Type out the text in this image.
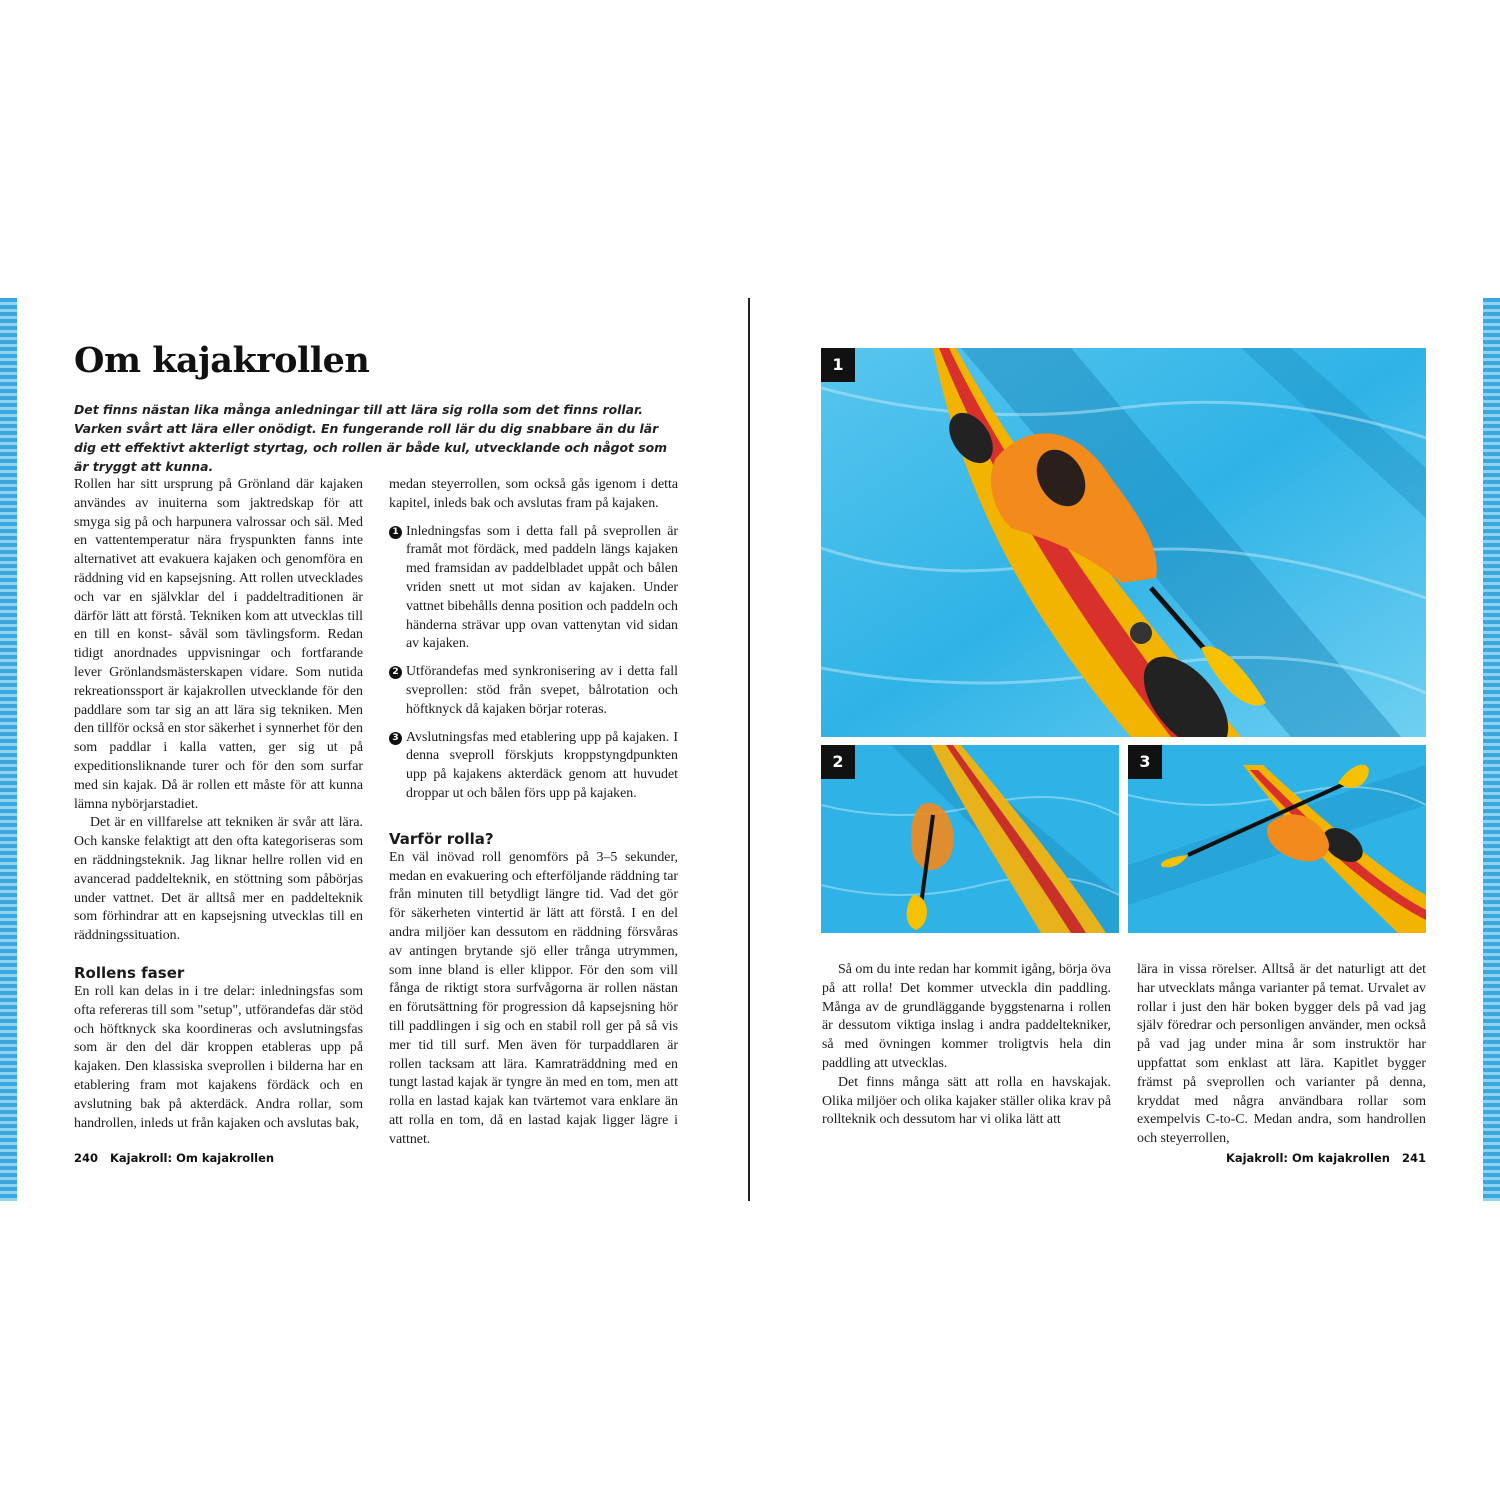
Om kajakrollen

Det finns nästan lika många anledningar till att lära sig rolla som det finns rollar. Varken svårt att lära eller onödigt. En fungerande roll lär du dig snabbare än du lär dig ett effektivt akterligt styrtag, och rollen är både kul, utvecklande och något som är tryggt att kunna.

Rollen har sitt ursprung på Grönland där kajaken användes av inuiterna som jaktredskap för att smyga sig på och harpunera valrossar och säl. Med en vattentemperatur nära fryspunkten fanns inte alternativet att evakuera kajaken och genomföra en räddning vid en kapsejsning. Att rollen utvecklades och var en självklar del i paddeltraditionen är därför lätt att förstå. Tekniken kom att utvecklas till en till en konst- såväl som tävlingsform. Redan tidigt anordnades uppvisningar och fortfarande lever Grönlandsmästerskapen vidare. Som nutida rekreationssport är kajakrollen utvecklande för den paddlare som tar sig an att lära sig tekniken. Men den tillför också en stor säkerhet i synnerhet för den som paddlar i kalla vatten, ger sig ut på expeditionsliknande turer och för den som surfar med sin kajak. Då är rollen ett måste för att kunna lämna nybörjarstadiet.

Det är en villfarelse att tekniken är svår att lära. Och kanske felaktigt att den ofta kategoriseras som en räddningsteknik. Jag liknar hellre rollen vid en avancerad paddelteknik, en stöttning som påbörjas under vattnet. Det är alltså mer en paddelteknik som förhindrar att en kapsejsning utvecklas till en räddningssituation.

Rollens faser

En roll kan delas in i tre delar: inledningsfas som ofta refereras till som "setup", utförandefas där stöd och höftknyck ska koordineras och avslutningsfas som är den del där kroppen etableras upp på kajaken. Den klassiska sveprollen i bilderna har en etablering fram mot kajakens fördäck och en avslutning bak på akterdäck. Andra rollar, som handrollen, inleds ut från kajaken och avslutas bak,

medan steyerrollen, som också gås igenom i detta kapitel, inleds bak och avslutas fram på kajaken.

1 Inledningsfas som i detta fall på sveprollen är framåt mot fördäck, med paddeln längs kajaken med framsidan av paddelbladet uppåt och bålen vriden snett ut mot sidan av kajaken. Under vattnet bibehålls denna position och paddeln och händerna strävar upp ovan vattenytan vid sidan av kajaken.

2 Utförandefas med synkronisering av i detta fall sveprollen: stöd från svepet, bålrotation och höftknyck då kajaken börjar roteras.

3 Avslutningsfas med etablering upp på kajaken. I denna sveproll förskjuts kroppstyngdpunkten upp på kajakens akterdäck genom att huvudet droppar ut och bålen förs upp på kajaken.

Varför rolla?

En väl inövad roll genomförs på 3–5 sekunder, medan en evakuering och efterföljande räddning tar från minuten till betydligt längre tid. Vad det gör för säkerheten vintertid är lätt att förstå. I en del andra miljöer kan dessutom en räddning försvåras av antingen brytande sjö eller trånga utrymmen, som inne bland is eller klippor. För den som vill fånga de riktigt stora surfvågorna är rollen nästan en förutsättning för progression då kapsejsning hör till paddlingen i sig och en stabil roll ger på så vis mer tid till surf. Men även för turpaddlaren är rollen tacksam att lära. Kamraträddning med en tungt lastad kajak är tyngre än med en tom, men att rolla en lastad kajak kan tvärtemot vara enklare än att rolla en tom, då en lastad kajak ligger lägre i vattnet.

240 Kajakroll: Om kajakrollen
1
2	3

Så om du inte redan har kommit igång, börja öva på att rolla! Det kommer utveckla din paddling. Många av de grundläggande byggstenarna i rollen är dessutom viktiga inslag i andra paddeltekniker, så med övningen kommer troligtvis hela din paddling att utvecklas.

Det finns många sätt att rolla en havskajak. Olika miljöer och olika kajaker ställer olika krav på rollteknik och dessutom har vi olika lätt att

lära in vissa rörelser. Alltså är det naturligt att det har utvecklats många varianter på temat. Urvalet av rollar i just den här boken bygger dels på vad jag själv föredrar och personligen använder, men också på vad jag under mina år som instruktör har uppfattat som enklast att lära. Kapitlet bygger främst på sveprollen och varianter på denna, kryddat med några användbara rollar som exempelvis C-to-C. Medan andra, som handrollen och steyerrollen,

Kajakroll: Om kajakrollen 241
